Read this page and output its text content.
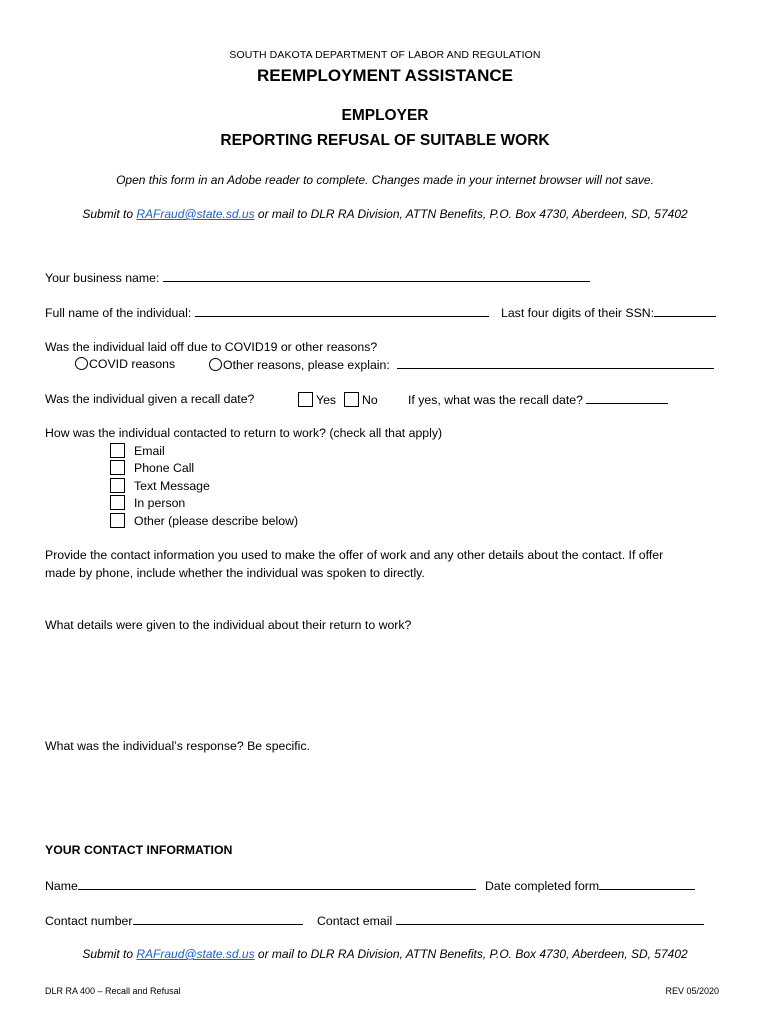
SOUTH DAKOTA DEPARTMENT OF LABOR AND REGULATION
REEMPLOYMENT ASSISTANCE
EMPLOYER
REPORTING REFUSAL OF SUITABLE WORK
Open this form in an Adobe reader to complete. Changes made in your internet browser will not save.
Submit to RAFraud@state.sd.us or mail to DLR RA Division, ATTN Benefits, P.O. Box 4730, Aberdeen, SD, 57402
Your business name:
Full name of the individual:	Last four digits of their SSN:
Was the individual laid off due to COVID19 or other reasons?
COVID reasons	Other reasons, please explain:
Was the individual given a recall date?	Yes	No If yes, what was the recall date?
How was the individual contacted to return to work? (check all that apply)
Email
Phone Call
Text Message
In person
Other (please describe below)
Provide the contact information you used to make the offer of work and any other details about the contact. If offer
made by phone, include whether the individual was spoken to directly.
What details were given to the individual about their return to work?
What was the individual’s response? Be specific.
YOUR CONTACT INFORMATION
Name	Date completed form
Contact number	Contact email
Submit to RAFraud@state.sd.us or mail to DLR RA Division, ATTN Benefits, P.O. Box 4730, Aberdeen, SD, 57402
DLR RA 400 – Recall and Refusal	REV 05/2020
